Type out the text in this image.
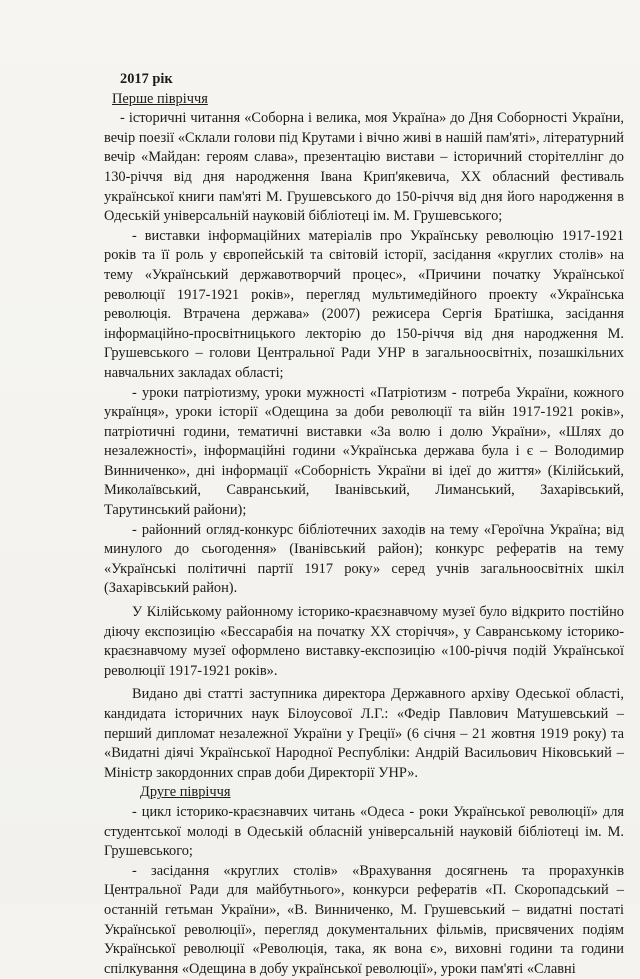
2017 рік

Перше півріччя

- історичні читання «Соборна і велика, моя Україна» до Дня Соборності України, вечір поезії «Склали голови під Крутами і вічно живі в нашій пам'яті», літературний вечір «Майдан: героям слава», презентацію вистави – історичний сторітеллінг до 130-річчя від дня народження Івана Крип'якевича, XX обласний фестиваль української книги пам'яті М. Грушевського до 150-річчя від дня його народження в Одеській універсальній науковій бібліотеці ім. М. Грушевського;

- виставки інформаційних матеріалів про Українську революцію 1917-1921 років та її роль у європейській та світовій історії, засідання «круглих столів» на тему «Український державотворчий процес», «Причини початку Української революції 1917-1921 років», перегляд мультимедійного проекту «Українська революція. Втрачена держава» (2007) режисера Сергія Братішка, засідання інформаційно-просвітницького лекторію до 150-річчя від дня народження М. Грушевського – голови Центральної Ради УНР в загальноосвітніх, позашкільних навчальних закладах області;

- уроки патріотизму, уроки мужності «Патріотизм - потреба України, кожного українця», уроки історії «Одещина за доби революції та війн 1917-1921 років», патріотичні години, тематичні виставки «За волю і долю України», «Шлях до незалежності», інформаційні години «Українська держава була і є – Володимир Винниченко», дні інформації «Соборність України ві ідеї до життя» (Кілійський, Миколаївський, Савранський, Іванівський, Лиманський, Захарівський, Тарутинський райони);

- районний огляд-конкурс бібліотечних заходів на тему «Героїчна Україна; від минулого до сьогодення» (Іванівський район); конкурс рефератів на тему «Українські політичні партії 1917 року» серед учнів загальноосвітніх шкіл (Захарівський район).

У Кілійському районному історико-краєзнавчому музеї було відкрито постійно діючу експозицію «Бессарабія на початку XX сторіччя», у Савранському історико-краєзнавчому музеї оформлено виставку-експозицію «100-річчя подій Української революції 1917-1921 років».

Видано дві статті заступника директора Державного архіву Одеської області, кандидата історичних наук Білоусової Л.Г.: «Федір Павлович Матушевський – перший дипломат незалежної України у Греції» (6 січня – 21 жовтня 1919 року) та «Видатні діячі Української Народної Республіки: Андрій Васильович Ніковський – Міністр закордонних справ доби Директорії УНР».

Друге півріччя

- цикл історико-краєзнавчих читань «Одеса - роки Української революції» для студентської молоді в Одеській обласній універсальній науковій бібліотеці ім. М. Грушевського;

- засідання «круглих столів» «Врахування досягнень та прорахунків Центральної Ради для майбутнього», конкурси рефератів «П. Скоропадський – останній гетьман України», «В. Винниченко, М. Грушевський – видатні постаті Української революції», перегляд документальних фільмів, присвячених подіям Української революції «Революція, така, як вона є», виховні години та години спілкування «Одещина в добу української революції», уроки пам'яті «Славні
